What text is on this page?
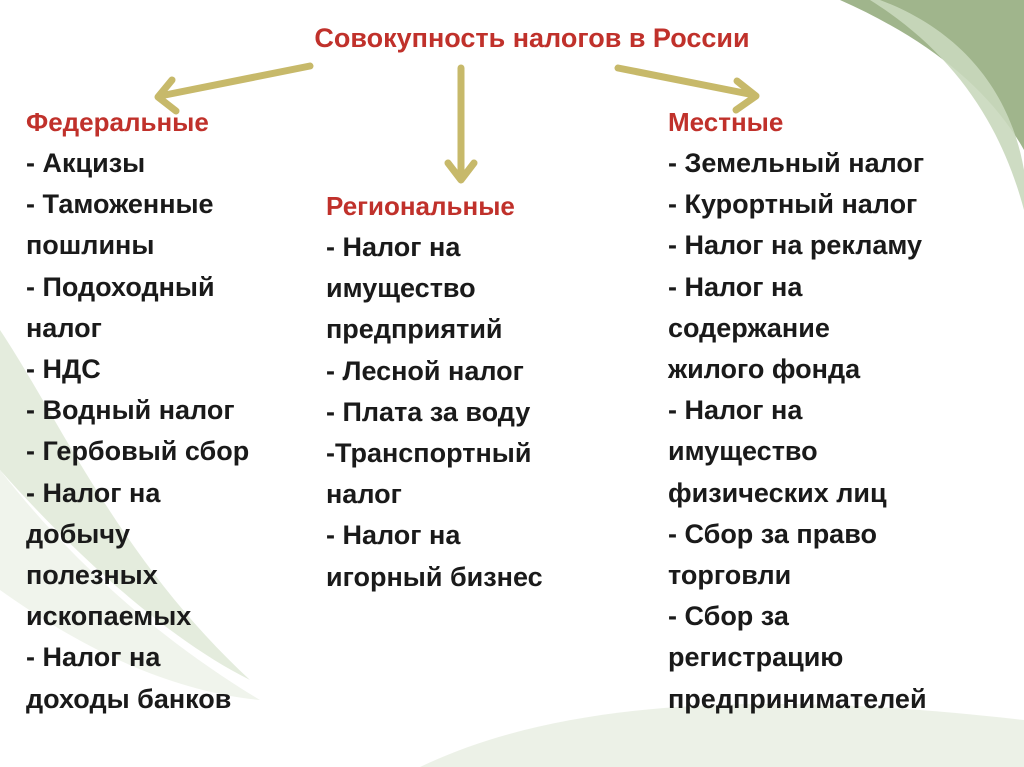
Совокупность налогов в России
Федеральные
- Акцизы
- Таможенные
пошлины
- Подоходный
налог
- НДС
- Водный налог
- Гербовый сбор
- Налог на
добычу
полезных
ископаемых
- Налог на
доходы банков
Региональные
- Налог на
имущество
предприятий
- Лесной налог
- Плата за воду
-Транспортный
налог
- Налог на
игорный бизнес
Местные
- Земельный налог
- Курортный налог
- Налог на рекламу
- Налог на
содержание
жилого фонда
- Налог на
имущество
физических лиц
- Сбор за право
торговли
- Сбор за
регистрацию
предпринимателей
